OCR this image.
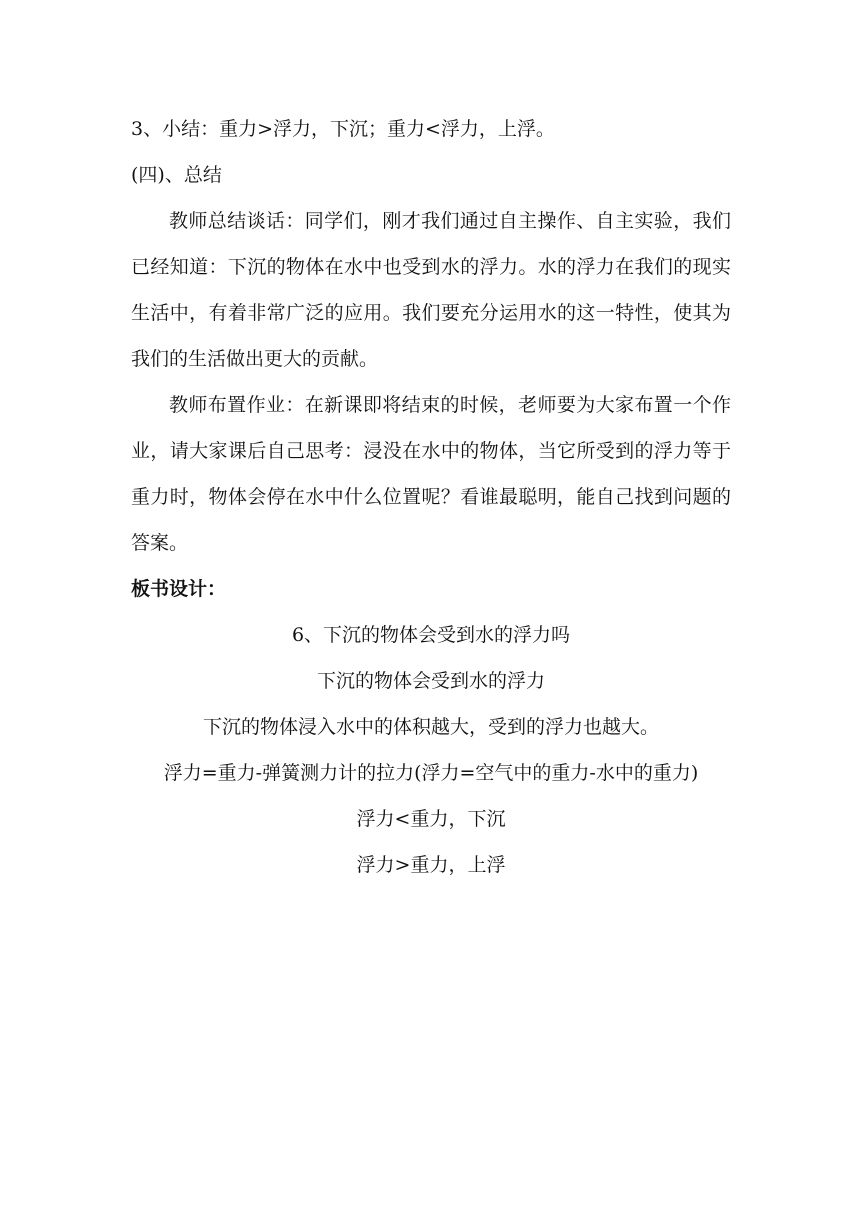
3、小结：重力>浮力，下沉；重力<浮力，上浮。
(四)、总结

教师总结谈话：同学们，刚才我们通过自主操作、自主实验，我们已经知道：下沉的物体在水中也受到水的浮力。水的浮力在我们的现实生活中，有着非常广泛的应用。我们要充分运用水的这一特性，使其为我们的生活做出更大的贡献。

教师布置作业：在新课即将结束的时候，老师要为大家布置一个作业，请大家课后自己思考：浸没在水中的物体，当它所受到的浮力等于重力时，物体会停在水中什么位置呢？看谁最聪明，能自己找到问题的答案。

板书设计：
6、下沉的物体会受到水的浮力吗
下沉的物体会受到水的浮力
下沉的物体浸入水中的体积越大，受到的浮力也越大。
浮力=重力-弹簧测力计的拉力(浮力=空气中的重力-水中的重力)
浮力<重力，下沉
浮力>重力，上浮
